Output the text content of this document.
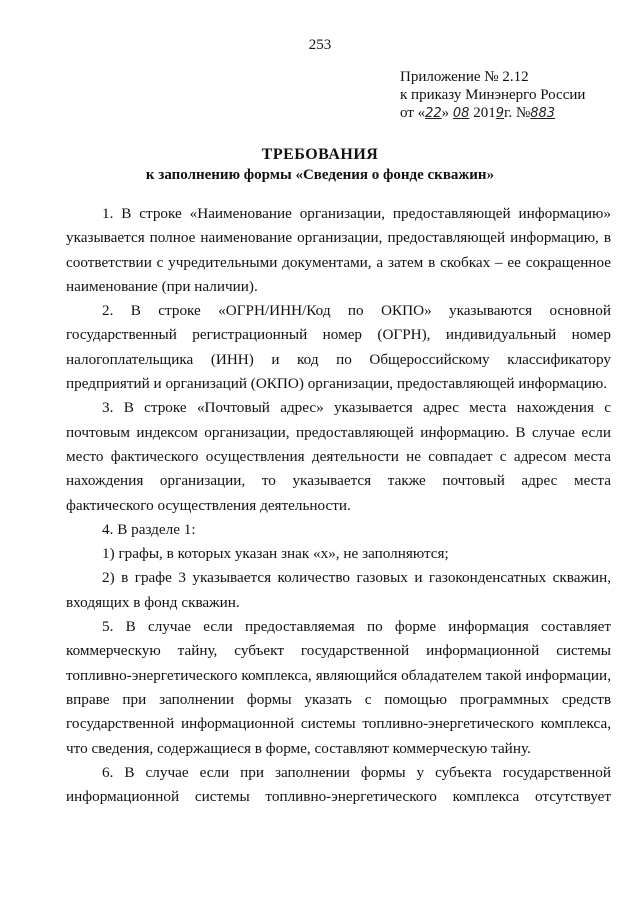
253
Приложение № 2.12
к приказу Минэнерго России
от «22» 08 2019г. №883
ТРЕБОВАНИЯ
к заполнению формы «Сведения о фонде скважин»

1. В строке «Наименование организации, предоставляющей информацию» указывается полное наименование организации, предоставляющей информацию, в соответствии с учредительными документами, а затем в скобках – ее сокращенное наименование (при наличии).

2. В строке «ОГРН/ИНН/Код по ОКПО» указываются основной государственный регистрационный номер (ОГРН), индивидуальный номер налогоплательщика (ИНН) и код по Общероссийскому классификатору предприятий и организаций (ОКПО) организации, предоставляющей информацию.

3. В строке «Почтовый адрес» указывается адрес места нахождения с почтовым индексом организации, предоставляющей информацию. В случае если место фактического осуществления деятельности не совпадает с адресом места нахождения организации, то указывается также почтовый адрес места фактического осуществления деятельности.

4. В разделе 1:

1) графы, в которых указан знак «х», не заполняются;

2) в графе 3 указывается количество газовых и газоконденсатных скважин, входящих в фонд скважин.

5. В случае если предоставляемая по форме информация составляет коммерческую тайну, субъект государственной информационной системы топливно-энергетического комплекса, являющийся обладателем такой информации, вправе при заполнении формы указать с помощью программных средств государственной информационной системы топливно-энергетического комплекса, что сведения, содержащиеся в форме, составляют коммерческую тайну.

6. В случае если при заполнении формы у субъекта государственной информационной системы топливно-энергетического комплекса отсутствует
